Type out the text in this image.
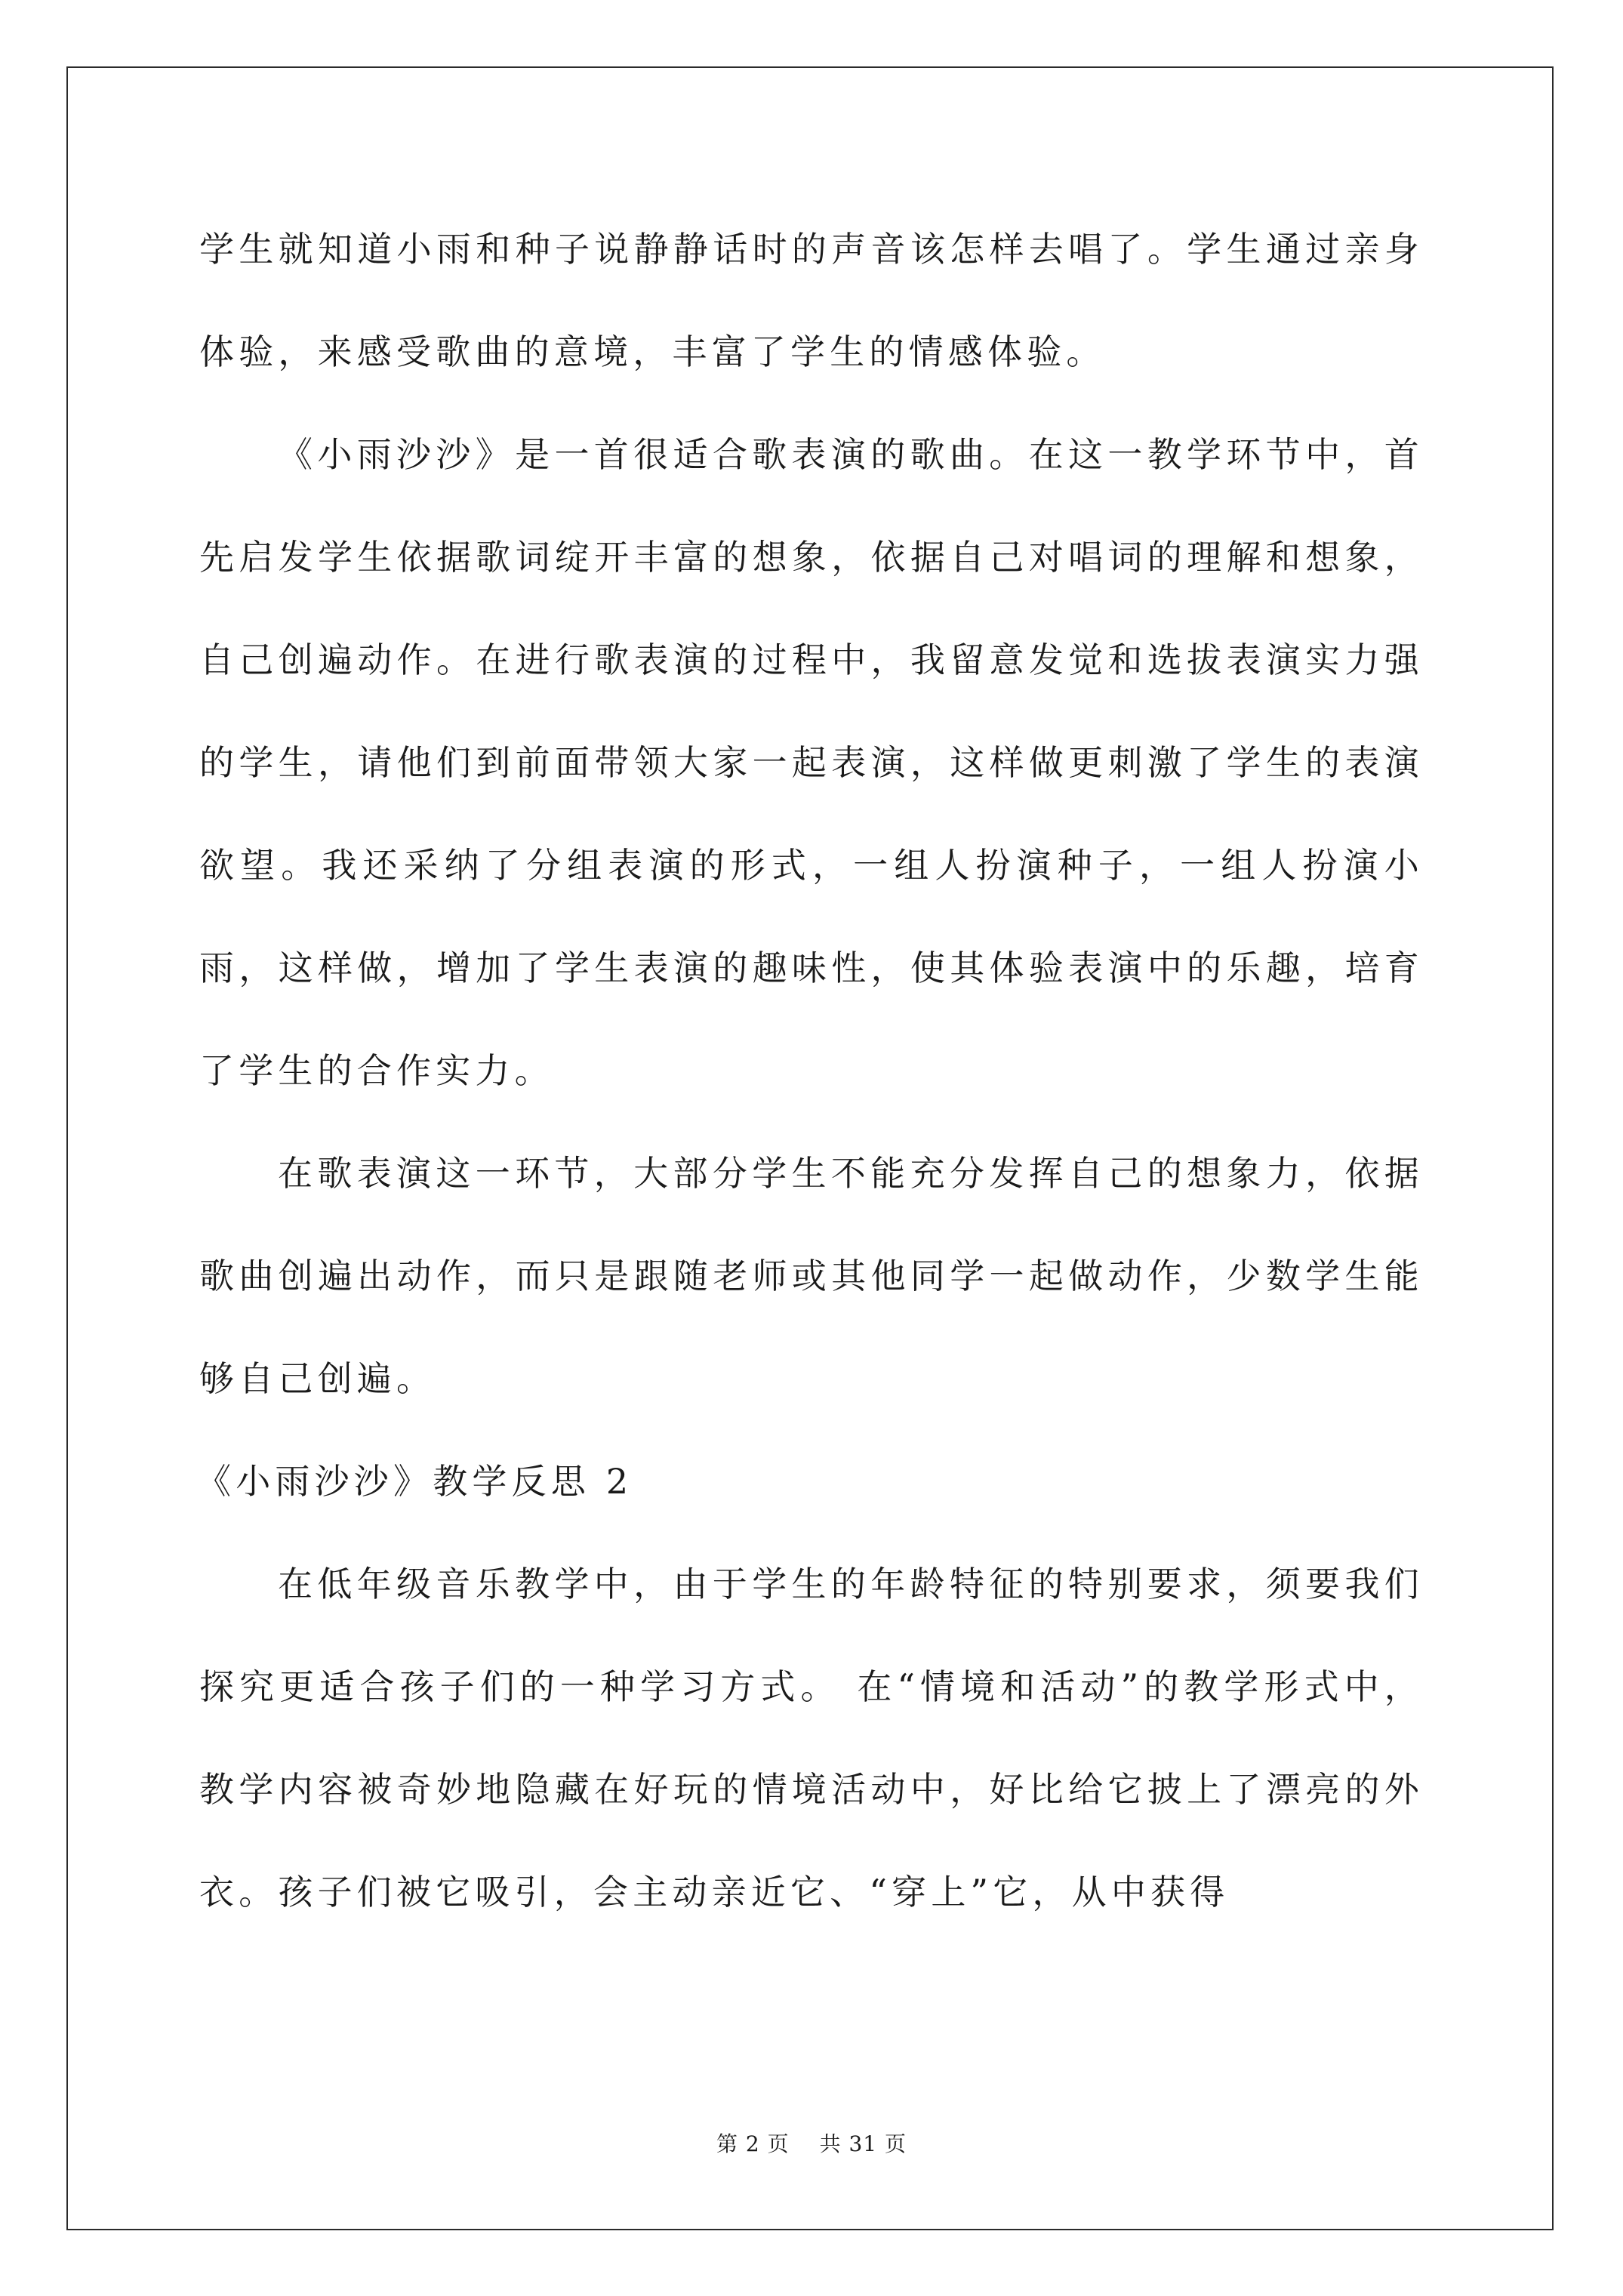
学生就知道小雨和种子说静静话时的声音该怎样去唱了。学生通过亲身体验，来感受歌曲的意境，丰富了学生的情感体验。

《小雨沙沙》是一首很适合歌表演的歌曲。在这一教学环节中，首先启发学生依据歌词绽开丰富的想象，依据自己对唱词的理解和想象，自己创遍动作。在进行歌表演的过程中，我留意发觉和选拔表演实力强的学生，请他们到前面带领大家一起表演，这样做更刺激了学生的表演欲望。我还采纳了分组表演的形式，一组人扮演种子，一组人扮演小雨，这样做，增加了学生表演的趣味性，使其体验表演中的乐趣，培育了学生的合作实力。

在歌表演这一环节，大部分学生不能充分发挥自己的想象力，依据歌曲创遍出动作，而只是跟随老师或其他同学一起做动作，少数学生能够自己创遍。

《小雨沙沙》教学反思 2

在低年级音乐教学中，由于学生的年龄特征的特别要求，须要我们探究更适合孩子们的一种学习方式。 在“情境和活动”的教学形式中，教学内容被奇妙地隐藏在好玩的情境活动中，好比给它披上了漂亮的外衣。孩子们被它吸引，会主动亲近它、“穿上”它，从中获得

第 2 页 共 31 页
